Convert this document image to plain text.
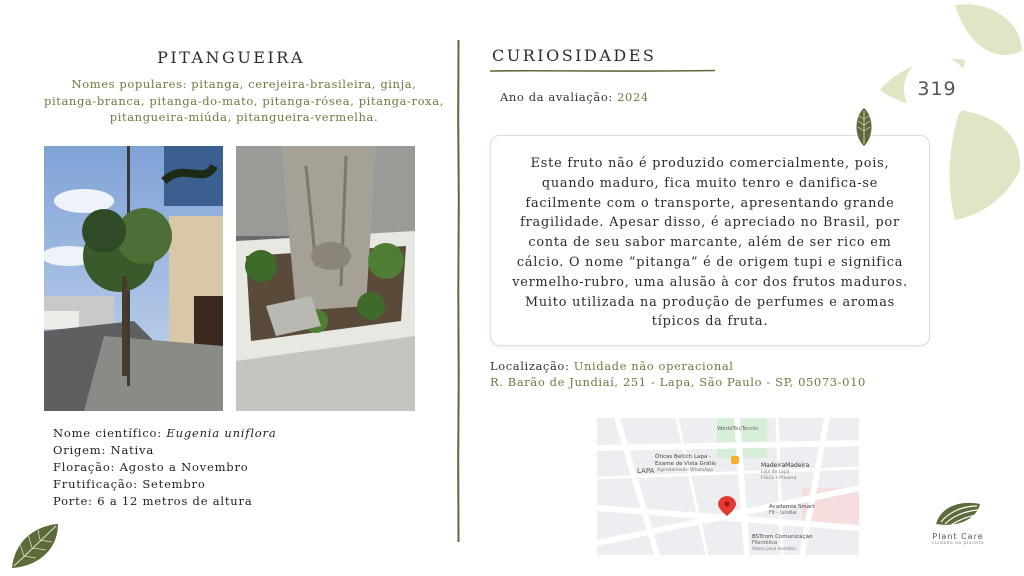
PITANGUEIRA
Nomes populares: pitanga, cerejeira-brasileira, ginja, pitanga-branca, pitanga-do-mato, pitanga-rósea, pitanga-roxa, pitangueira-miúda, pitangueira-vermelha.
Nome científico: Eugenia uniflora
Origem: Nativa
Floração: Agosto a Novembro
Frutificação: Setembro
Porte: 6 a 12 metros de altura
CURIOSIDADES
Ano da avaliação: 2024
Este fruto não é produzido comercialmente, pois, quando maduro, fica muito tenro e danifica-se facilmente com o transporte, apresentando grande fragilidade. Apesar disso, é apreciado no Brasil, por conta de seu sabor marcante, além de ser rico em cálcio. O nome “pitanga” é de origem tupi e significa vermelho-rubro, uma alusão à cor dos frutos maduros. Muito utilizada na produção de perfumes e aromas típicos da fruta.
Localização: Unidade não operacional
R. Barão de Jundiaí, 251 - Lapa, São Paulo - SP, 05073-010
WorldTecTecnic
Óticas Bellich Lapa -
Exame de Vista Grátis
Agendamento WhatsApp
LAPA
MadeiraMadeira
Loja de Lapa
Física • Provera
Academia Smart
Fit - Jundiaí
BSTcom Comunicação
Filantélica
Vídeo para eventos
319
Plant Care
cuidado ao planeta
